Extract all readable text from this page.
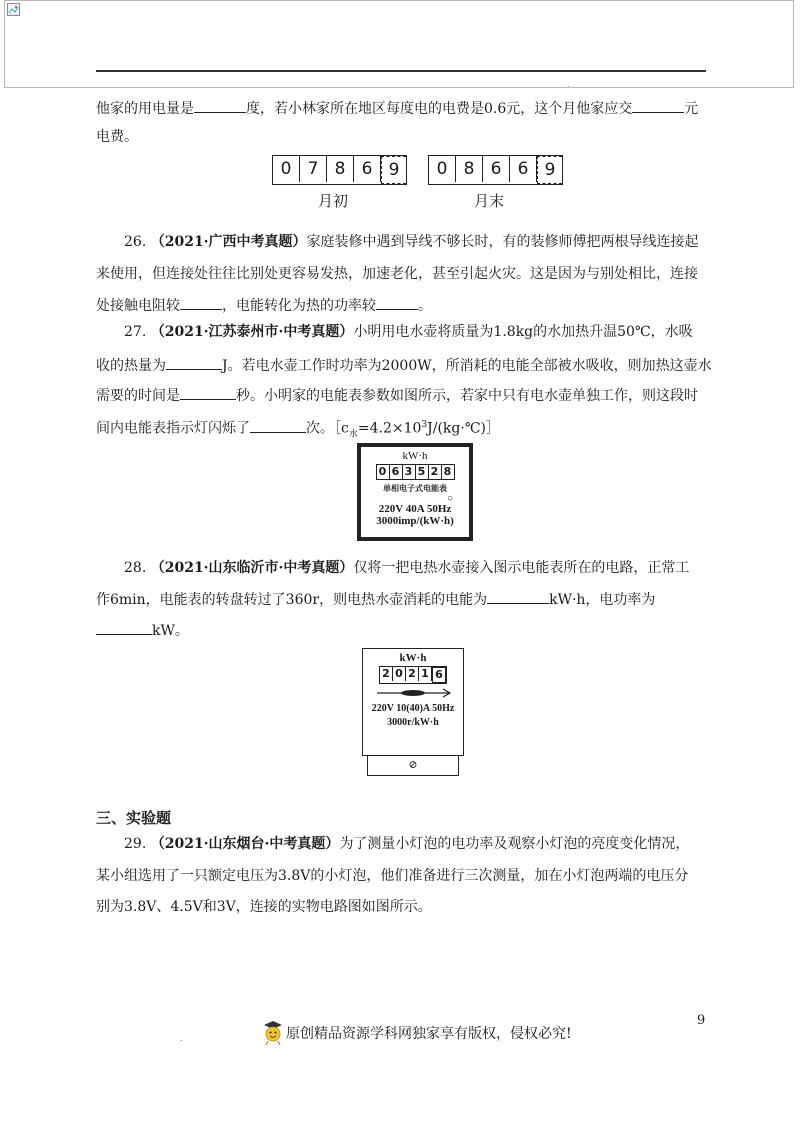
.
他家的用电量是	度，若小林家所在地区每度电的电费是0.6元，这个月他家应交	元
电费。
0 7 8 6 9	0 8 6 6 9
月初	月末
26. （2021·广西中考真题）家庭装修中遇到导线不够长时，有的装修师傅把两根导线连接起
来使用，但连接处往往比别处更容易发热，加速老化，甚至引起火灾。这是因为与别处相比，连接
处接触电阻较	，电能转化为热的功率较	。
27. （2021·江苏泰州市·中考真题）小明用电水壶将质量为1.8kg的水加热升温50℃，水吸
收的热量为	J。若电水壶工作时功率为2000W，所消耗的电能全部被水吸收，则加热这壶水
需要的时间是	秒。小明家的电能表参数如图所示，若家中只有电水壶单独工作，则这段时
间内电能表指示灯闪烁了	次。$[c_水=4.2\times 10^3J/(kg\cdot℃)]$
kW·h
0 6 3 5 2 8
单相电子式电能表
○
220V 40A 50Hz
3000imp/(kW·h)
28. （2021·山东临沂市·中考真题）仅将一把电热水壶接入图示电能表所在的电路，正常工
作6min，电能表的转盘转过了360r，则电热水壶消耗的电能为	kW·h，电功率为
kW。
kW·h
2 0 2 1 6
220V 10(40)A 50Hz
3000r/kW·h
⊘
三、实验题
29. （2021·山东烟台·中考真题）为了测量小灯泡的电功率及观察小灯泡的亮度变化情况，
某小组选用了一只额定电压为3.8V的小灯泡，他们准备进行三次测量，加在小灯泡两端的电压分
别为3.8V、4.5V和3V，连接的实物电路图如图所示。
9
.	原创精品资源学科网独家享有版权，侵权必究!
